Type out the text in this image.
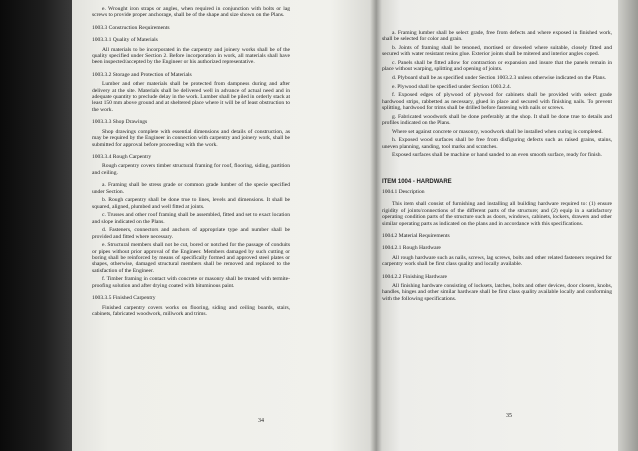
e. Wrought iron straps or angles, when required in conjunction with bolts or lag screws to provide proper anchorage, shall be of the shape and size shown on the Plans.
1003.3 Construction Requirements
1003.3.1 Quality of Materials
All materials to be incorporated in the carpentry and joinery works shall be of the quality specified under Section 2. Before incorporation in work, all materials shall have been inspected/accepted by the Engineer or his authorized representative.
1003.3.2 Storage and Protection of Materials
Lumber and other materials shall be protected from dampness during and after delivery at the site. Materials shall be delivered well in advance of actual need and in adequate quantity to preclude delay in the work. Lumber shall be piled in orderly stack at least 150 mm above ground and at sheltered place where it will be of least obstruction to the work.
1003.3.3 Shop Drawings
Shop drawings complete with essential dimensions and details of construction, as may be required by the Engineer in connection with carpentry and joinery work, shall be submitted for approval before proceeding with the work.
1003.3.4 Rough Carpentry
Rough carpentry covers timber structural framing for roof, flooring, siding, partition and ceiling.
a. Framing shall be stress grade or common grade lumber of the specie specified under Section.
b. Rough carpentry shall be done true to lines, levels and dimensions. It shall be squared, aligned, plumbed and well fitted at joints.
c. Trusses and other roof framing shall be assembled, fitted and set to exact location and slope indicated on the Plans.
d. Fasteners, connectors and anchors of appropriate type and number shall be provided and fitted where necessary.
e. Structural members shall not be cut, bored or notched for the passage of conduits or pipes without prior approval of the Engineer. Members damaged by such cutting or boring shall be reinforced by means of specifically formed and approved steel plates or shapes, otherwise, damaged structural members shall be removed and replaced to the satisfaction of the Engineer.
f. Timber framing in contact with concrete or masonry shall be treated with termite-proofing solution and after drying coated with bituminous paint.
1003.3.5 Finished Carpentry
Finished carpentry covers works on flooring, siding and ceiling boards, stairs, cabinets, fabricated woodwork, millwork and trims.
34
a. Framing lumber shall be select grade, free from defects and where exposed in finished work, shall be selected for color and grain.
b. Joints of framing shall be tenoned, mortised or doweled where suitable, closely fitted and secured with water resistant resins glue. Exterior joints shall be mitered and interior angles coped.
c. Panels shall be fitted allow for contraction or expansion and insure that the panels remain in place without warping, splitting and opening of joints.
d. Plyboard shall be as specified under Section 1003.2.3 unless otherwise indicated on the Plans.
e. Plywood shall be specified under Section 1003.2.4.
f. Exposed edges of plywood of plywood for cabinets shall be provided with select grade hardwood strips, rabbetted as necessary, glued in place and secured with finishing nails. To prevent splitting, hardwood for trims shall be drilled before fastening with nails or screws.
g. Fabricated woodwork shall be done preferably at the shop. It shall be done true to details and profiles indicated on the Plans.
Where set against concrete or masonry, woodwork shall be installed when curing is completed.
h. Exposed wood surfaces shall be free from disfiguring defects such as raised grains, stains, uneven planning, sanding, tool marks and scratches.
Exposed surfaces shall be machine or hand sanded to an even smooth surface, ready for finish.
ITEM 1004 - HARDWARE
1004.1 Description
This item shall consist of furnishing and installing all building hardware required to: (1) ensure rigidity of joints/connections of the different parts of the structure; and (2) equip in a satisfactory operating condition parts of the structure such as doors, windows, cabinets, lockers, drawers and other similar operating parts as indicated on the plans and in accordance with this specifications.
1004.2 Material Requirements
1004.2.1 Rough Hardware
All rough hardware such as nails, screws, lag screws, bolts and other related fasteners required for carpentry work shall be first class quality and locally available.
1004.2.2 Finishing Hardware
All finishing hardware consisting of locksets, latches, bolts and other devices, door closers, knobs, handles, hinges and other similar hardware shall be first class quality available locally and conforming with the following specifications.
35
